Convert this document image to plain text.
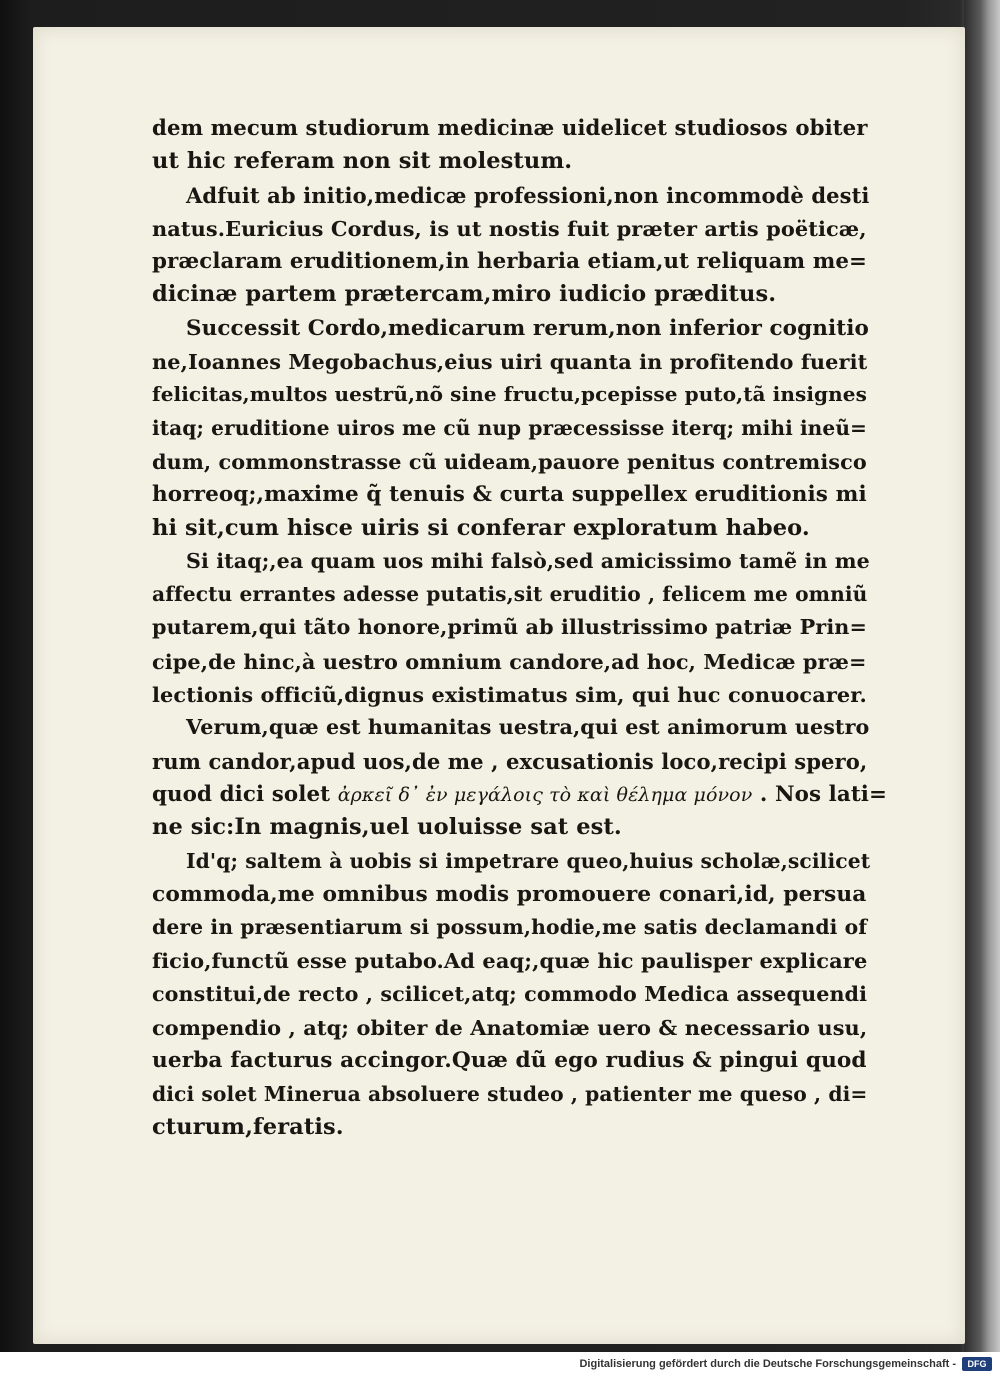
dem mecum studiorum medicinæ uidelicet studiosos obiter
ut hic referam non sit molestum.
Adfuit ab initio,medicæ professioni,non incommodè desti
natus.Euricius Cordus, is ut nostis fuit præter artis poëticæ,
præclaram eruditionem,in herbaria etiam,ut reliquam me=
dicinæ partem prætercam,miro iudicio præditus.
Successit Cordo,medicarum rerum,non inferior cognitio
ne,Ioannes Megobachus,eius uiri quanta in profitendo fuerit
felicitas,multos uestrũ,nõ sine fructu,pcepisse puto,tã insignes
itaq; eruditione uiros me cũ nup præcessisse iterq; mihi ineũ=
dum, commonstrasse cũ uideam,pauore penitus contremisco
horreoq;,maxime q̃ tenuis & curta suppellex eruditionis mi
hi sit,cum hisce uiris si conferar exploratum habeo.
Si itaq;,ea quam uos mihi falsò,sed amicissimo tamẽ in me
affectu errantes adesse putatis,sit eruditio , felicem me omniũ
putarem,qui tãto honore,primũ ab illustrissimo patriæ Prin=
cipe,de hinc,à uestro omnium candore,ad hoc, Medicæ præ=
lectionis officiũ,dignus existimatus sim, qui huc conuocarer.
Verum,quæ est humanitas uestra,qui est animorum uestro
rum candor,apud uos,de me , excusationis loco,recipi spero,
quod dici solet ἀρκεῖ δ᾽ ἐν μεγάλοις τὸ καὶ θέλημα μόνον . Nos lati=
ne sic:In magnis,uel uoluisse sat est.
Id'q; saltem à uobis si impetrare queo,huius scholæ,scilicet
commoda,me omnibus modis promouere conari,id, persua
dere in præsentiarum si possum,hodie,me satis declamandi of
ficio,functũ esse putabo.Ad eaq;,quæ hic paulisper explicare
constitui,de recto , scilicet,atq; commodo Medica assequendi
compendio , atq; obiter de Anatomiæ uero & necessario usu,
uerba facturus accingor.Quæ dũ ego rudius & pingui quod
dici solet Minerua absoluere studeo , patienter me queso , di=
cturum,feratis.
Digitalisierung gefördert durch die Deutsche Forschungsgemeinschaft -	DFG
